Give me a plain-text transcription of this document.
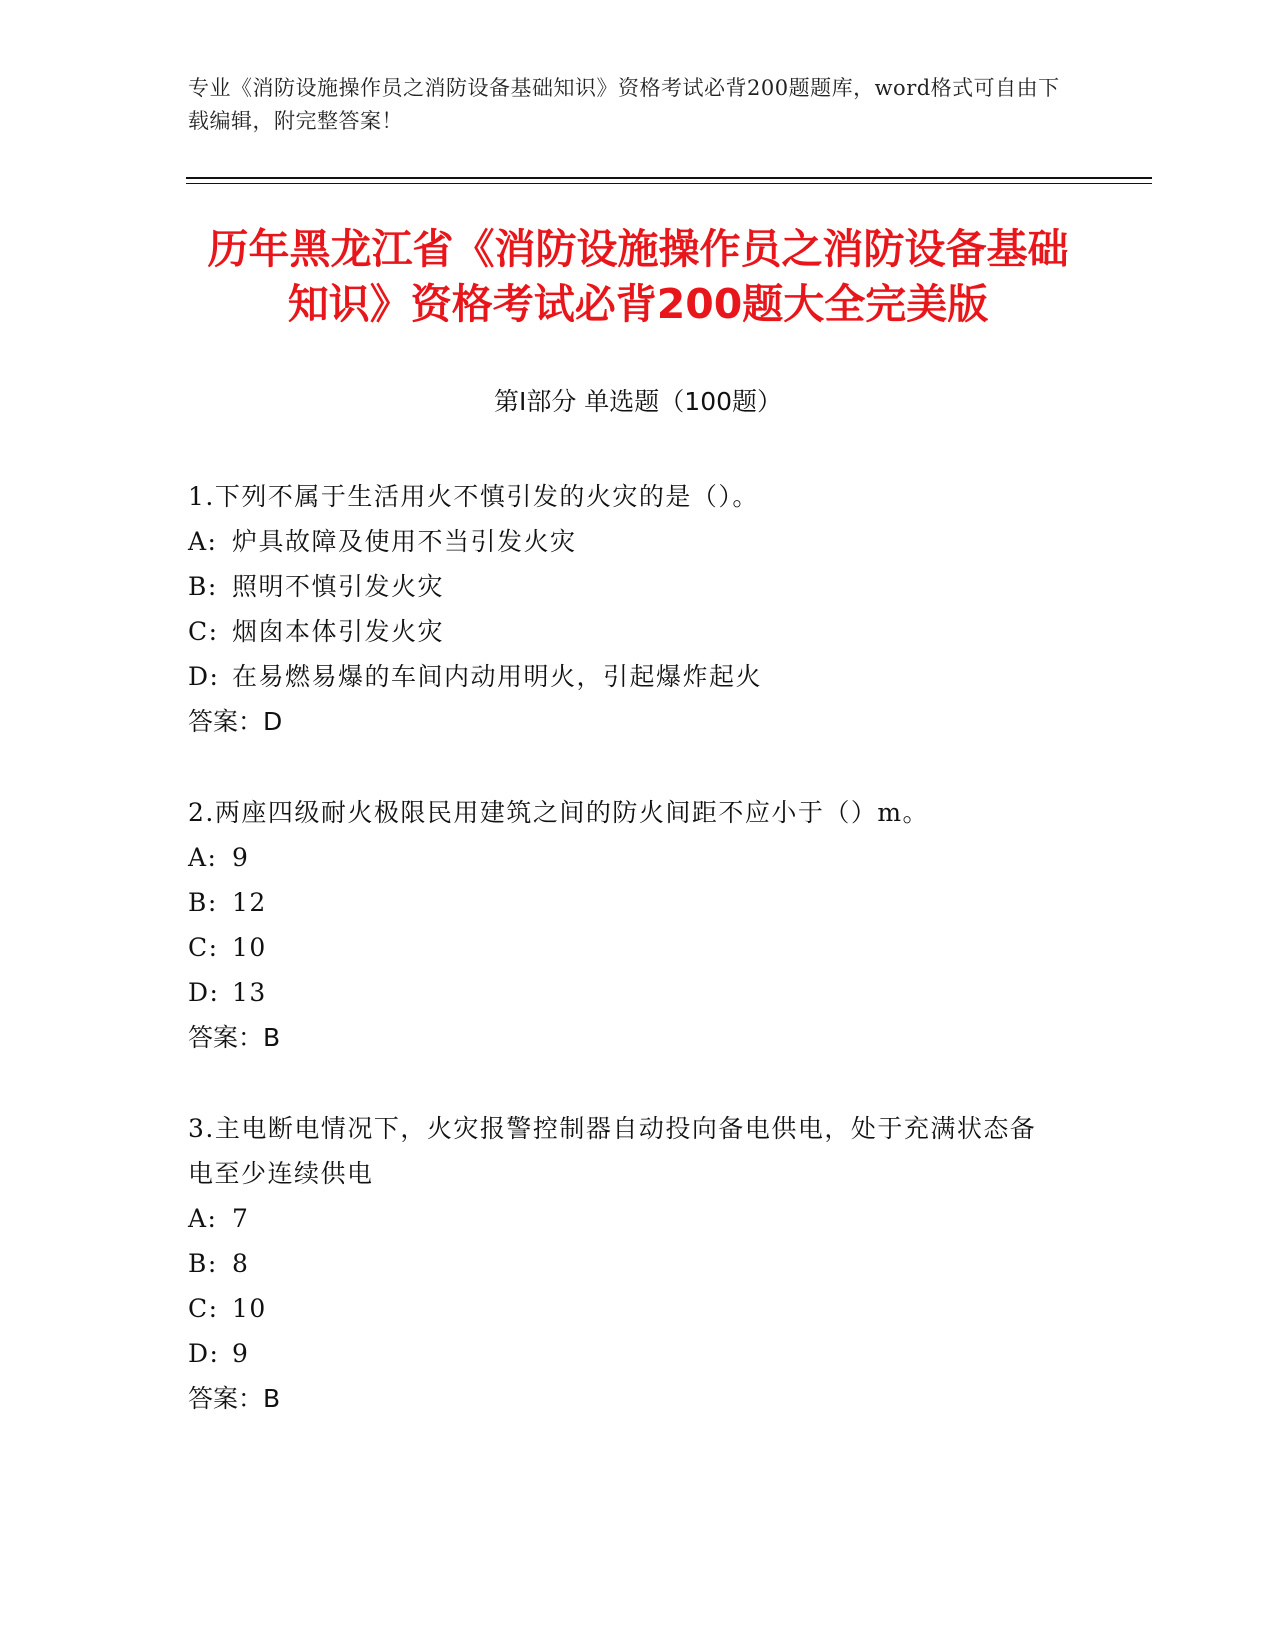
专业《消防设施操作员之消防设备基础知识》资格考试必背200题题库，word格式可自由下载编辑，附完整答案！
历年黑龙江省《消防设施操作员之消防设备基础知识》资格考试必背200题大全完美版
第Ⅰ部分 单选题（100题）
1.下列不属于生活用火不慎引发的火灾的是（）。
A: 炉具故障及使用不当引发火灾
B: 照明不慎引发火灾
C: 烟囱本体引发火灾
D: 在易燃易爆的车间内动用明火，引起爆炸起火
答案：D
2.两座四级耐火极限民用建筑之间的防火间距不应小于（）m。
A: 9
B: 12
C: 10
D: 13
答案：B
3.主电断电情况下，火灾报警控制器自动投向备电供电，处于充满状态备电至少连续供电
A: 7
B: 8
C: 10
D: 9
答案：B
